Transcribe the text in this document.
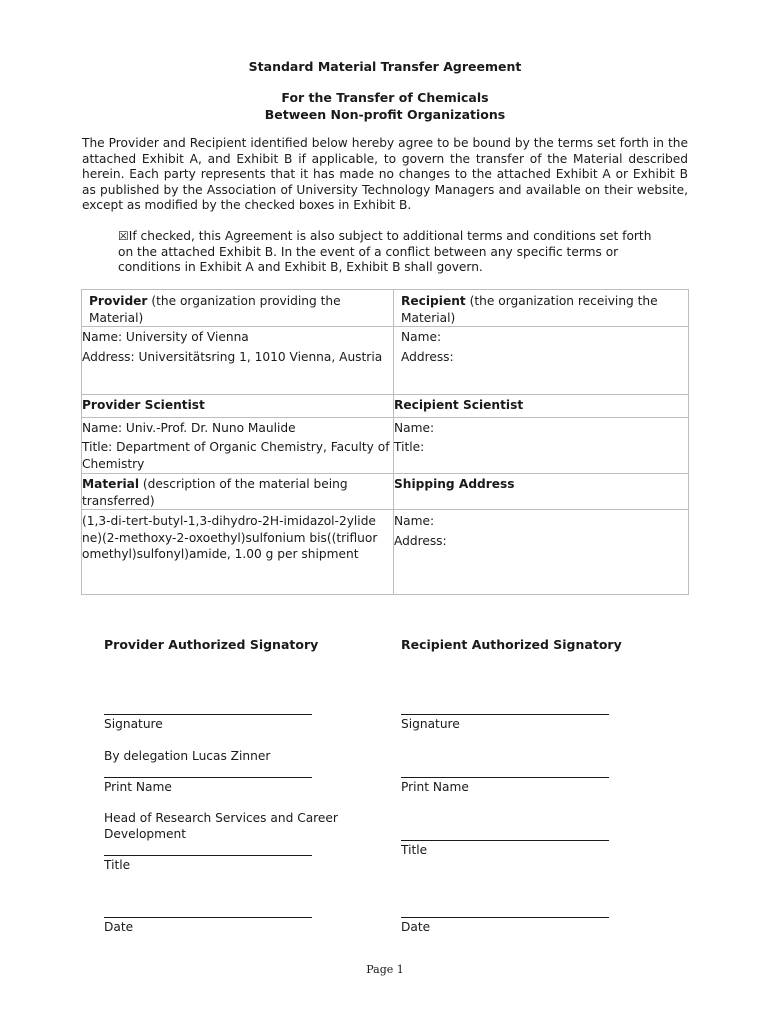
Standard Material Transfer Agreement
For the Transfer of Chemicals
Between Non-profit Organizations
The Provider and Recipient identified below hereby agree to be bound by the terms set forth in the attached Exhibit A, and Exhibit B if applicable, to govern the transfer of the Material described herein. Each party represents that it has made no changes to the attached Exhibit A or Exhibit B as published by the Association of University Technology Managers and available on their website, except as modified by the checked boxes in Exhibit B.
☒If checked, this Agreement is also subject to additional terms and conditions set forth on the attached Exhibit B. In the event of a conflict between any specific terms or conditions in Exhibit A and Exhibit B, Exhibit B shall govern.
Provider (the organization providing the Material)
Recipient (the organization receiving the Material)
Name: University of Vienna
Address: Universitätsring 1, 1010 Vienna, Austria
Name:
Address:
Provider Scientist	Recipient Scientist
Name: Univ.-Prof. Dr. Nuno Maulide
Title: Department of Organic Chemistry, Faculty of Chemistry
Name:
Title:
Material (description of the material being transferred)
Shipping Address
(1,3-di-tert-butyl-1,3-dihydro-2H-imidazol-2ylidene)(2-methoxy-2-oxoethyl)sulfonium bis((trifluoromethyl)sulfonyl)amide, 1.00 g per shipment
Name:
Address:
Provider Authorized Signatory	Recipient Authorized Signatory
Signature
By delegation Lucas Zinner
Print Name
Head of Research Services and Career Development
Title
Date
Signature
Print Name
Title
Date
Page 1
